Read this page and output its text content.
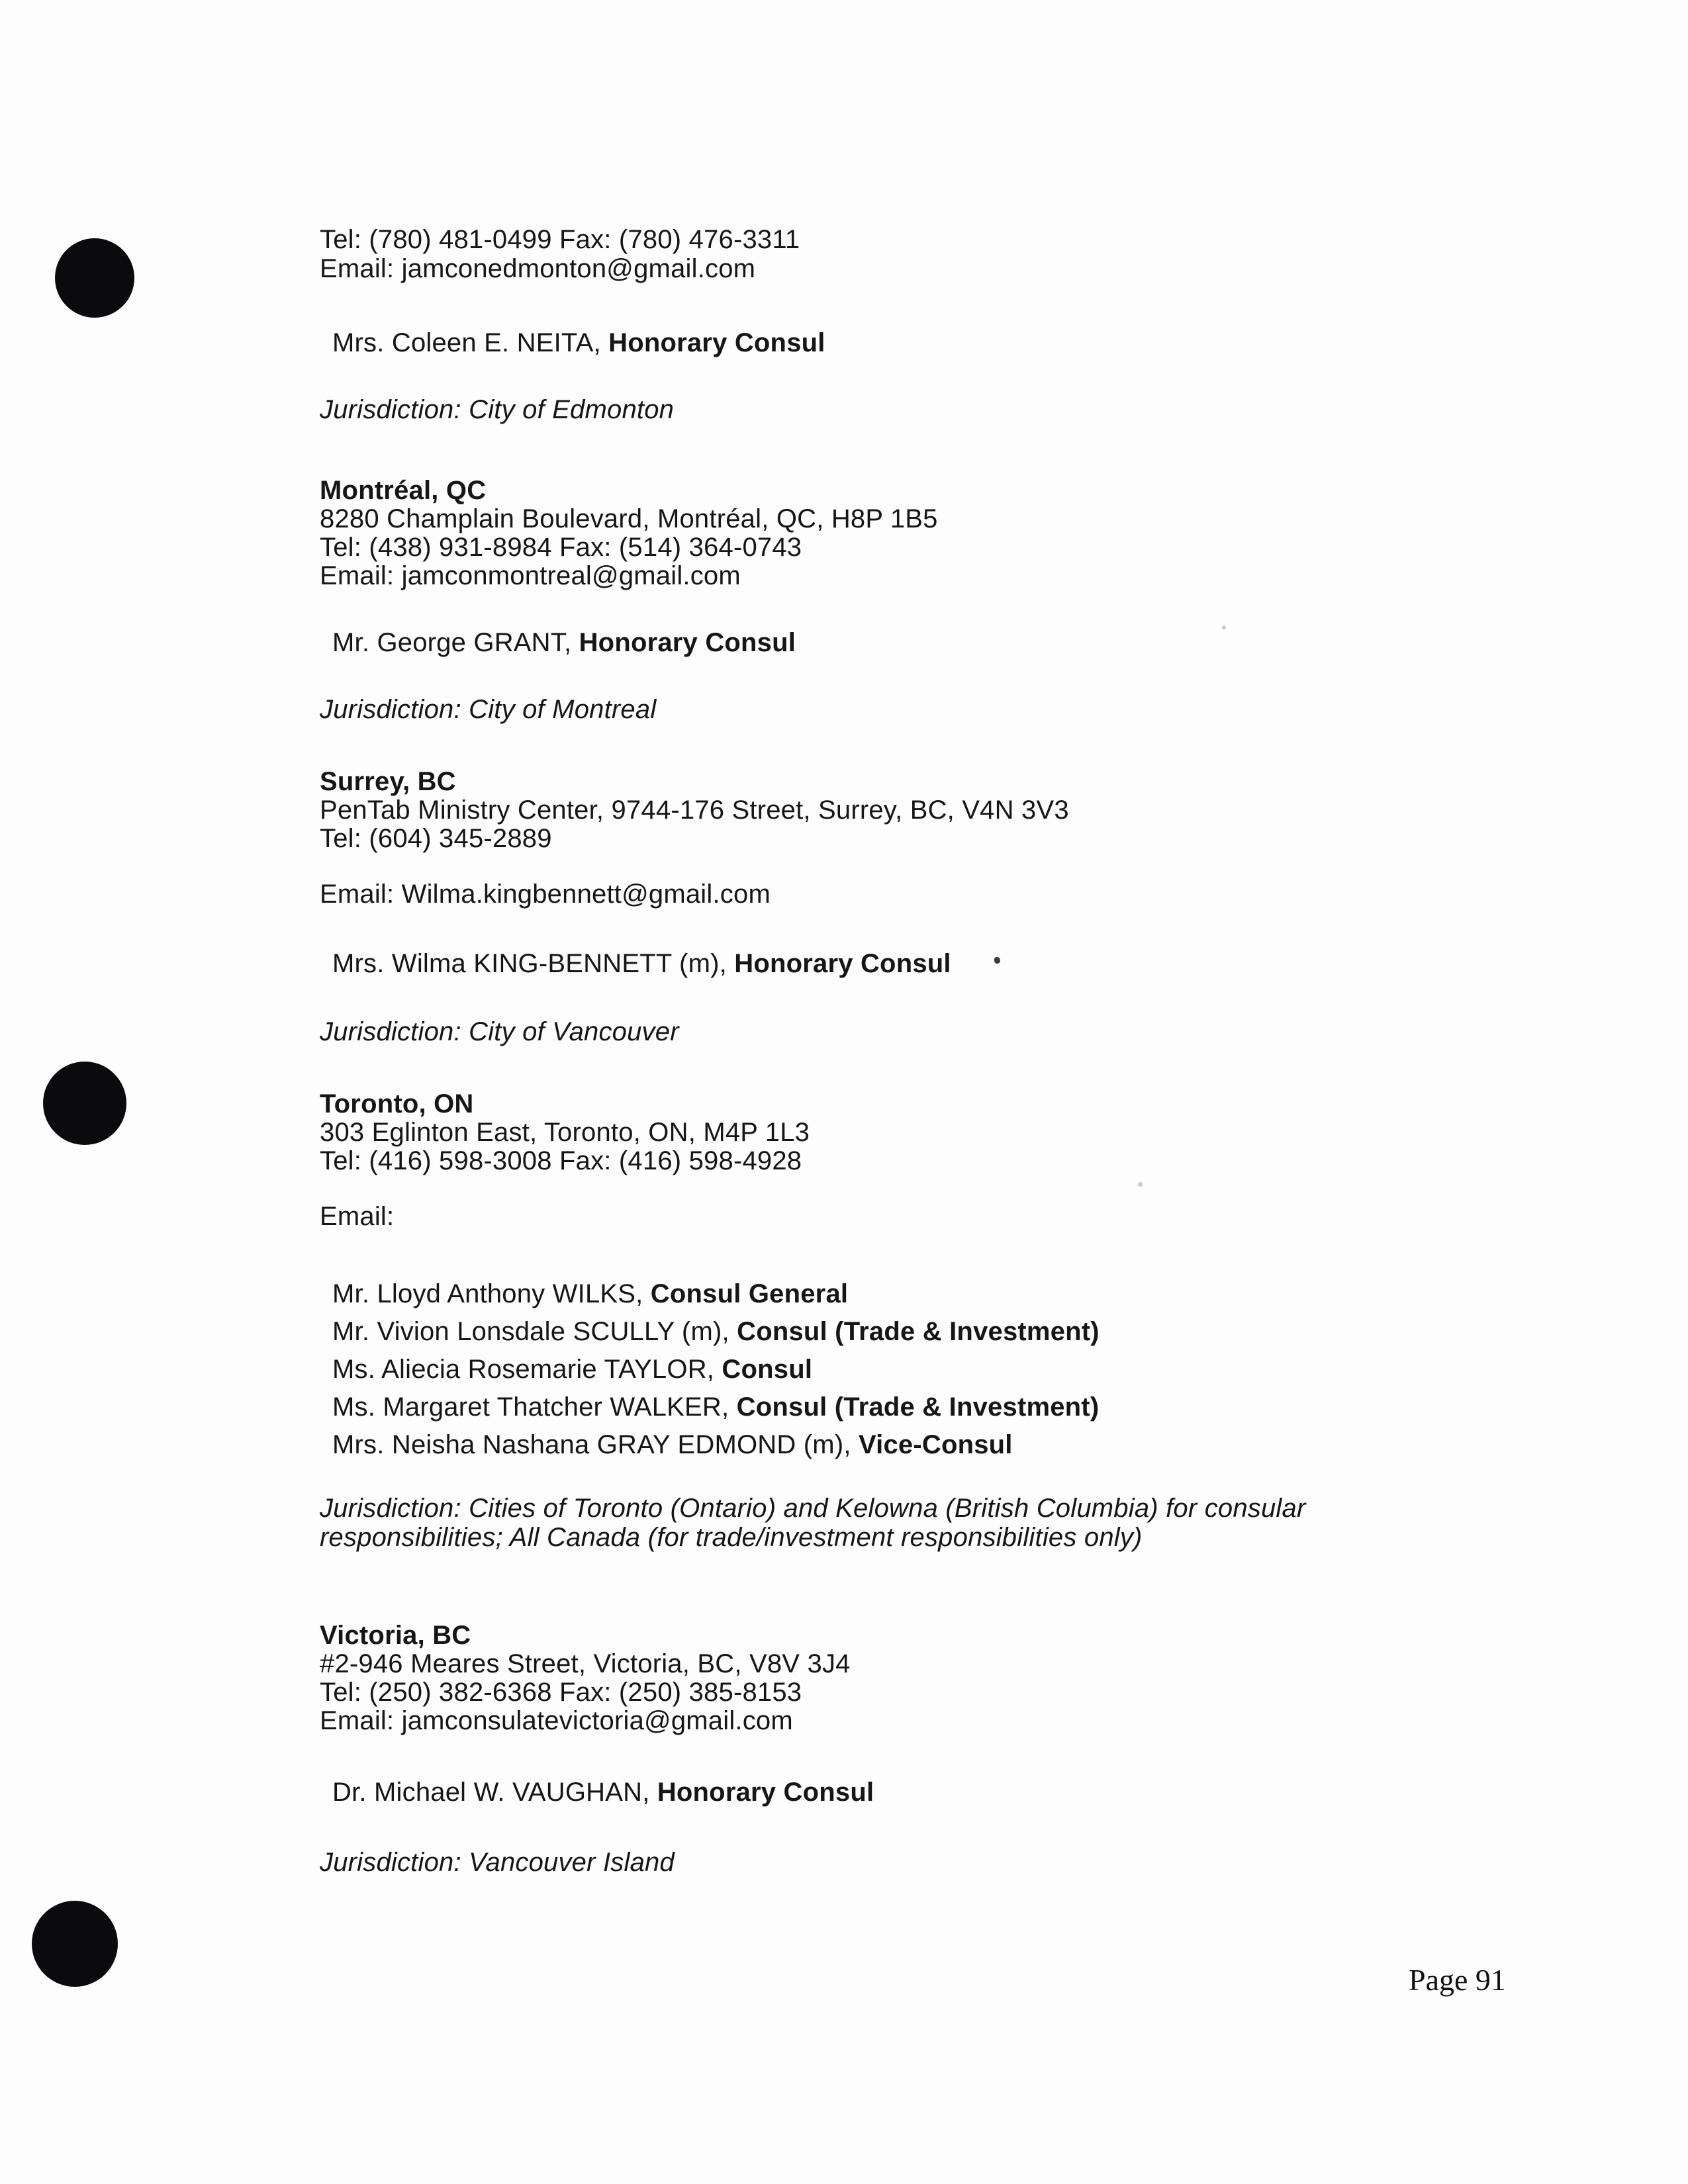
Tel: (780) 481-0499 Fax: (780) 476-3311
Email: jamconedmonton@gmail.com
Mrs. Coleen E. NEITA, Honorary Consul
Jurisdiction: City of Edmonton
Montréal, QC
8280 Champlain Boulevard, Montréal, QC, H8P 1B5
Tel: (438) 931-8984 Fax: (514) 364-0743
Email: jamconmontreal@gmail.com
Mr. George GRANT, Honorary Consul
Jurisdiction: City of Montreal
Surrey, BC
PenTab Ministry Center, 9744-176 Street, Surrey, BC, V4N 3V3
Tel: (604) 345-2889
Email: Wilma.kingbennett@gmail.com
Mrs. Wilma KING-BENNETT (m), Honorary Consul
Jurisdiction: City of Vancouver
Toronto, ON
303 Eglinton East, Toronto, ON, M4P 1L3
Tel: (416) 598-3008 Fax: (416) 598-4928
Email:
Mr. Lloyd Anthony WILKS, Consul General
Mr. Vivion Lonsdale SCULLY (m), Consul (Trade & Investment)
Ms. Aliecia Rosemarie TAYLOR, Consul
Ms. Margaret Thatcher WALKER, Consul (Trade & Investment)
Mrs. Neisha Nashana GRAY EDMOND (m), Vice-Consul
Jurisdiction: Cities of Toronto (Ontario) and Kelowna (British Columbia) for consular
responsibilities; All Canada (for trade/investment responsibilities only)
Victoria, BC
#2-946 Meares Street, Victoria, BC, V8V 3J4
Tel: (250) 382-6368 Fax: (250) 385-8153
Email: jamconsulatevictoria@gmail.com
Dr. Michael W. VAUGHAN, Honorary Consul
Jurisdiction: Vancouver Island
Page 91
